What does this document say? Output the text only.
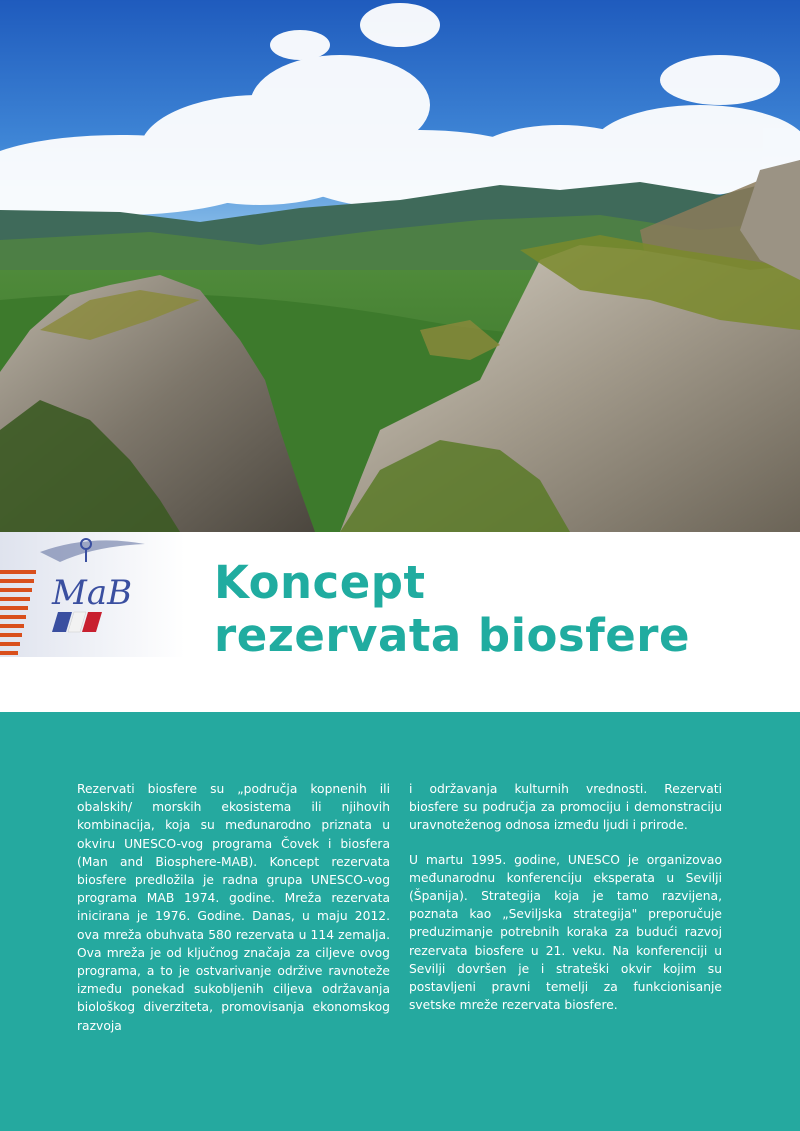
MaB Koncept
rezervata biosfere

Rezervati biosfere su „područja kopnenih ili obalskih/ morskih ekosistema ili njihovih kombinacija, koja su međunarodno priznata u okviru UNESCO-vog programa Čovek i biosfera (Man and Biosphere-MAB). Koncept rezervata biosfere predložila je radna grupa UNESCO-vog programa MAB 1974. godine. Mreža rezervata inicirana je 1976. Godine. Danas, u maju 2012. ova mreža obuhvata 580 rezervata u 114 zemalja. Ova mreža je od ključnog značaja za ciljeve ovog programa, a to je ostvarivanje održive ravnoteže između ponekad sukobljenih ciljeva održavanja biološkog diverziteta, promovisanja ekonomskog razvoja

i održavanja kulturnih vrednosti. Rezervati biosfere su područja za promociju i demonstraciju uravnoteženog odnosa između ljudi i prirode.

U martu 1995. godine, UNESCO je organizovao međunarodnu konferenciju eksperata u Sevilji (Španija). Strategija koja je tamo razvijena, poznata kao „Seviljska strategija" preporučuje preduzimanje potrebnih koraka za budući razvoj rezervata biosfere u 21. veku. Na konferenciji u Sevilji dovršen je i strateški okvir kojim su postavljeni pravni temelji za funkcionisanje svetske mreže rezervata biosfere.
